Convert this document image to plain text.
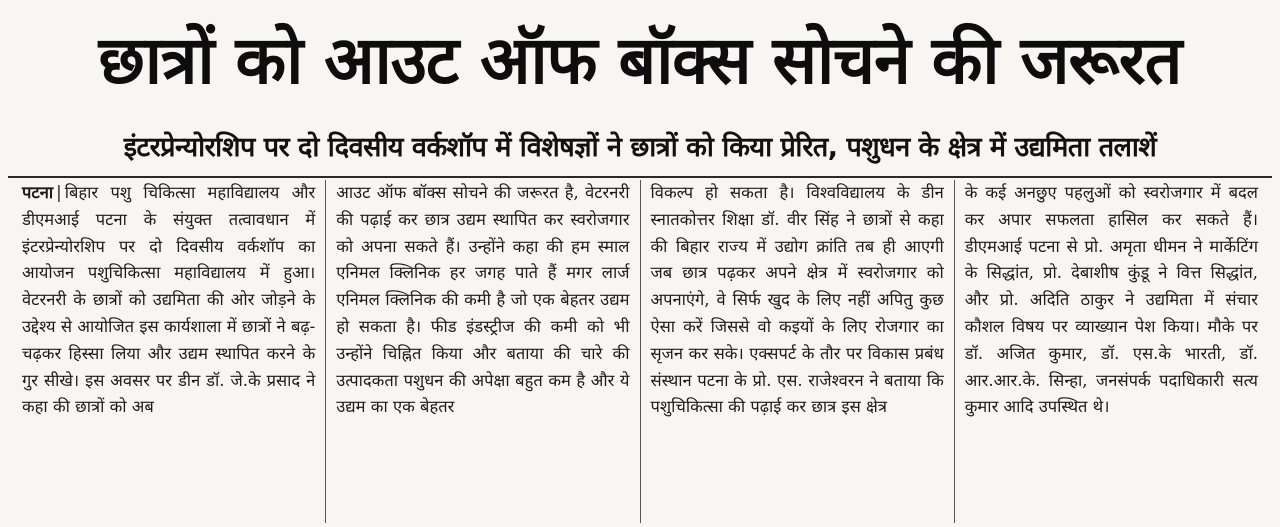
छात्रों को आउट ऑफ बॉक्स सोचने की जरूरत
इंटरप्रेन्योरशिप पर दो दिवसीय वर्कशॉप में विशेषज्ञों ने छात्रों को किया प्रेरित, पशुधन के क्षेत्र में उद्यमिता तलाशें
पटना | बिहार पशु चिकित्सा महाविद्यालय और डीएमआई पटना के संयुक्त तत्वावधान में इंटरप्रेन्योरशिप पर दो दिवसीय वर्कशॉप का आयोजन पशुचिकित्सा महाविद्यालय में हुआ। वेटरनरी के छात्रों को उद्यमिता की ओर जोड़ने के उद्देश्य से आयोजित इस कार्यशाला में छात्रों ने बढ़-चढ़कर हिस्सा लिया और उद्यम स्थापित करने के गुर सीखे। इस अवसर पर डीन डॉ. जे.के प्रसाद ने कहा की छात्रों को अब
आउट ऑफ बॉक्स सोचने की जरूरत है, वेटरनरी की पढ़ाई कर छात्र उद्यम स्थापित कर स्वरोजगार को अपना सकते हैं। उन्होंने कहा की हम स्माल एनिमल क्लिनिक हर जगह पाते हैं मगर लार्ज एनिमल क्लिनिक की कमी है जो एक बेहतर उद्यम हो सकता है। फीड इंडस्ट्रीज की कमी को भी उन्होंने चिह्नित किया और बताया की चारे की उत्पादकता पशुधन की अपेक्षा बहुत कम है और ये उद्यम का एक बेहतर
विकल्प हो सकता है। विश्वविद्यालय के डीन स्नातकोत्तर शिक्षा डॉ. वीर सिंह ने छात्रों से कहा की बिहार राज्य में उद्योग क्रांति तब ही आएगी जब छात्र पढ़कर अपने क्षेत्र में स्वरोजगार को अपनाएंगे, वे सिर्फ खुद के लिए नहीं अपितु कुछ ऐसा करें जिससे वो कइयों के लिए रोजगार का सृजन कर सके। एक्सपर्ट के तौर पर विकास प्रबंध संस्थान पटना के प्रो. एस. राजेश्वरन ने बताया कि पशुचिकित्सा की पढ़ाई कर छात्र इस क्षेत्र
के कई अनछुए पहलुओं को स्वरोजगार में बदल कर अपार सफलता हासिल कर सकते हैं। डीएमआई पटना से प्रो. अमृता धीमन ने मार्केटिंग के सिद्धांत, प्रो. देबाशीष कुंडू ने वित्त सिद्धांत, और प्रो. अदिति ठाकुर ने उद्यमिता में संचार कौशल विषय पर व्याख्यान पेश किया। मौके पर डॉ. अजित कुमार, डॉ. एस.के भारती, डॉ. आर.आर.के. सिन्हा, जनसंपर्क पदाधिकारी सत्य कुमार आदि उपस्थित थे।
